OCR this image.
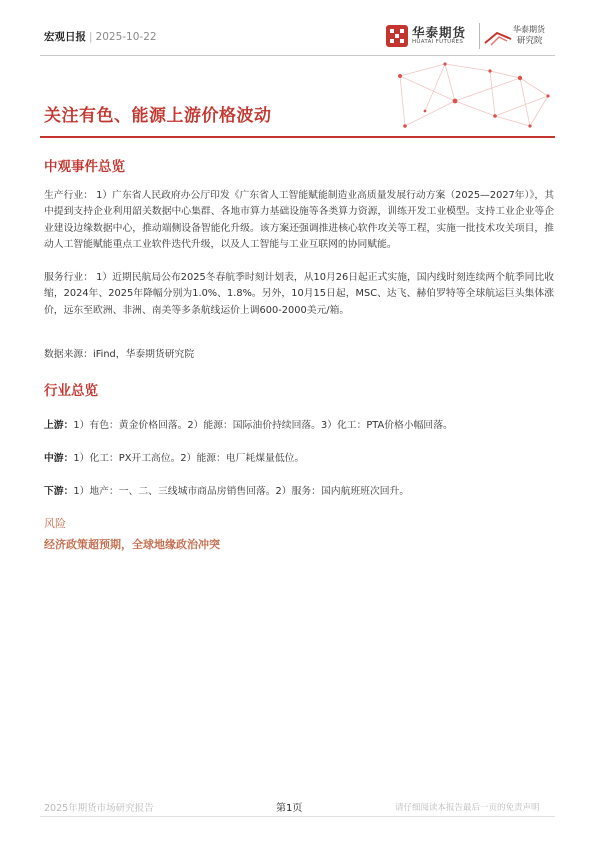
宏观日报 | 2025-10-22	华泰期货
HUATAI FUTURES
华泰期货
研究院
关注有色、能源上游价格波动
中观事件总览

生产行业： 1）广东省人民政府办公厅印发《广东省人工智能赋能制造业高质量发展行动方案（2025—2027年）》，其中提到支持企业利用韶关数据中心集群、各地市算力基础设施等各类算力资源，训练开发工业模型。支持工业企业等企业建设边缘数据中心，推动端侧设备智能化升级。该方案还强调推进核心软件攻关等工程，实施一批技术攻关项目，推动人工智能赋能重点工业软件迭代升级，以及人工智能与工业互联网的协同赋能。

服务行业： 1）近期民航局公布2025冬春航季时刻计划表，从10月26日起正式实施，国内线时刻连续两个航季同比收缩，2024年、2025年降幅分别为1.0%、1.8%。另外，10月15日起，MSC、达飞、赫伯罗特等全球航运巨头集体涨价，远东至欧洲、非洲、南美等多条航线运价上调600-2000美元/箱。

数据来源：iFind，华泰期货研究院
行业总览
上游：1）有色：黄金价格回落。2）能源：国际油价持续回落。3）化工：PTA价格小幅回落。
中游：1）化工：PX开工高位。2）能源：电厂耗煤量低位。
下游：1）地产：一、二、三线城市商品房销售回落。2）服务：国内航班班次回升。
风险
经济政策超预期，全球地缘政治冲突
2025年期货市场研究报告	第1页	请仔细阅读本报告最后一页的免责声明
